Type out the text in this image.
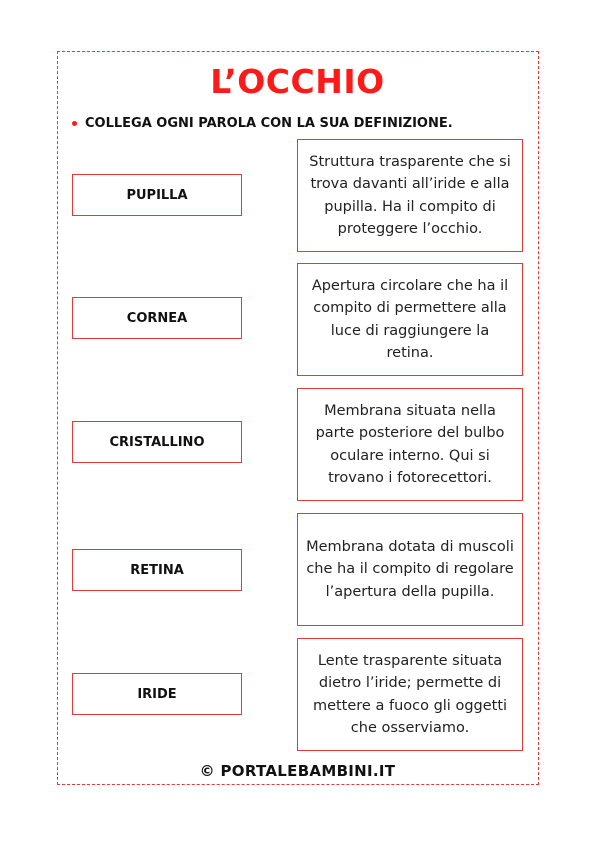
L’OCCHIO
COLLEGA OGNI PAROLA CON LA SUA DEFINIZIONE.
PUPILLA
CORNEA
CRISTALLINO
RETINA
IRIDE
Struttura trasparente che si trova davanti all’iride e alla pupilla. Ha il compito di proteggere l’occhio.
Apertura circolare che ha il compito di permettere alla luce di raggiungere la retina.
Membrana situata nella parte posteriore del bulbo oculare interno. Qui si trovano i fotorecettori.
Membrana dotata di muscoli che ha il compito di regolare l’apertura della pupilla.
Lente trasparente situata dietro l’iride; permette di mettere a fuoco gli oggetti che osserviamo.
© PORTALEBAMBINI.IT
